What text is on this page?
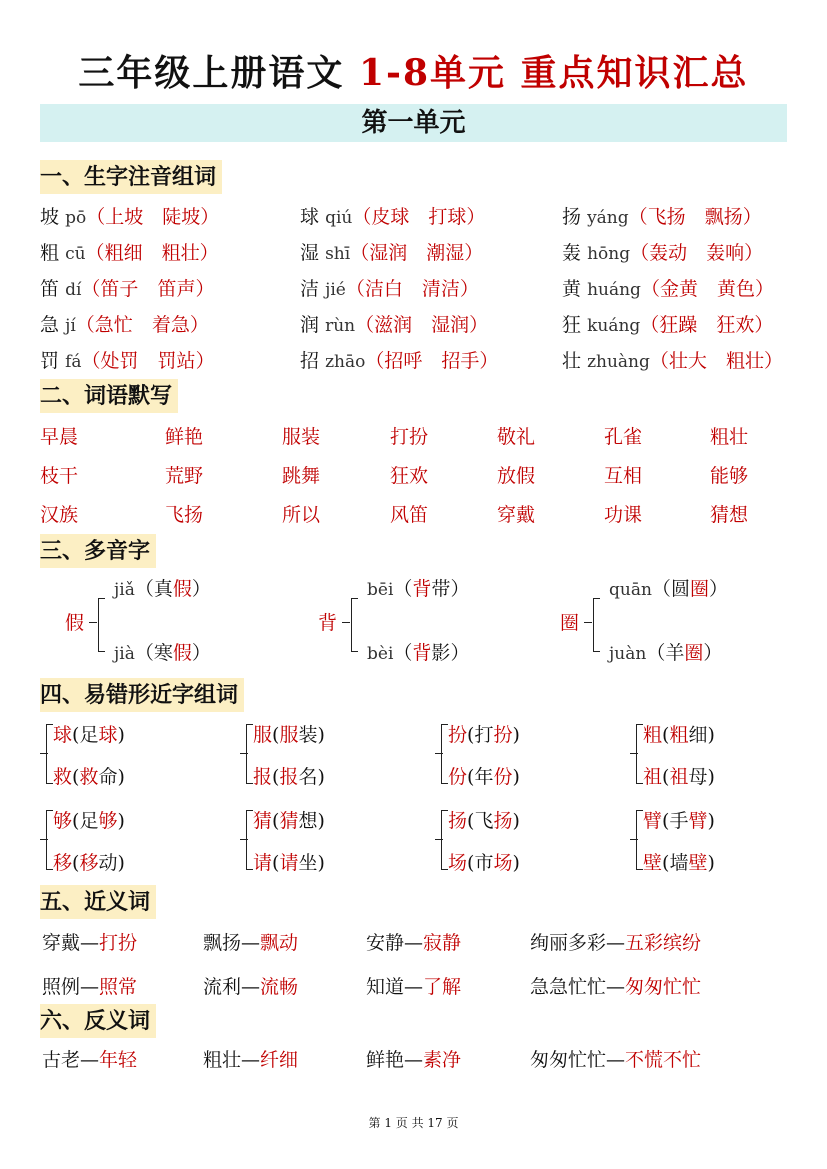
三年级上册语文 1-8单元 重点知识汇总
第一单元
一、生字注音组词
二、词语默写
三、多音字
四、易错形近字组词
五、近义词
六、反义词
坡 pō（上坡　 陡坡）	球 qiú（皮球　 打球）	扬 yáng（飞扬　 飘扬）
粗 cū（粗细　 粗壮）	湿 shī（湿润　 潮湿）	轰 hōng（轰动　 轰响）
笛 dí（笛子　 笛声）	洁 jié（洁白　 清洁）	黄 huáng（金黄　 黄色）
急 jí（急忙　 着急）	润 rùn（滋润　 湿润）	狂 kuáng（狂躁　 狂欢）
罚 fá（处罚　 罚站）	招 zhāo（招呼　 招手）	壮 zhuàng（壮大　 粗壮）
早晨	鲜艳	服装	打扮	敬礼	孔雀	粗壮
枝干	荒野	跳舞	狂欢	放假	互相	能够
汉族	飞扬	所以	风笛	穿戴	功课	猜想
假
jiǎ（真假）
jià（寒假）
背
bēi（背带）
bèi（背影）
圈
quān（圆圈）
juàn（羊圈）
球(足球)
救(救命)
服(服装)
报(报名)
扮(打扮)
份(年份)
粗(粗细)
祖(祖母)
够(足够)
移(移动)
猜(猜想)
请(请坐)
扬(飞扬)
场(市场)
臂(手臂)
壁(墙壁)
穿戴—打扮	飘扬—飘动	安静—寂静	绚丽多彩—五彩缤纷
照例—照常	流利—流畅	知道—了解	急急忙忙—匆匆忙忙
古老—年轻	粗壮—纤细	鲜艳—素净	匆匆忙忙—不慌不忙
第 1 页 共 17 页
